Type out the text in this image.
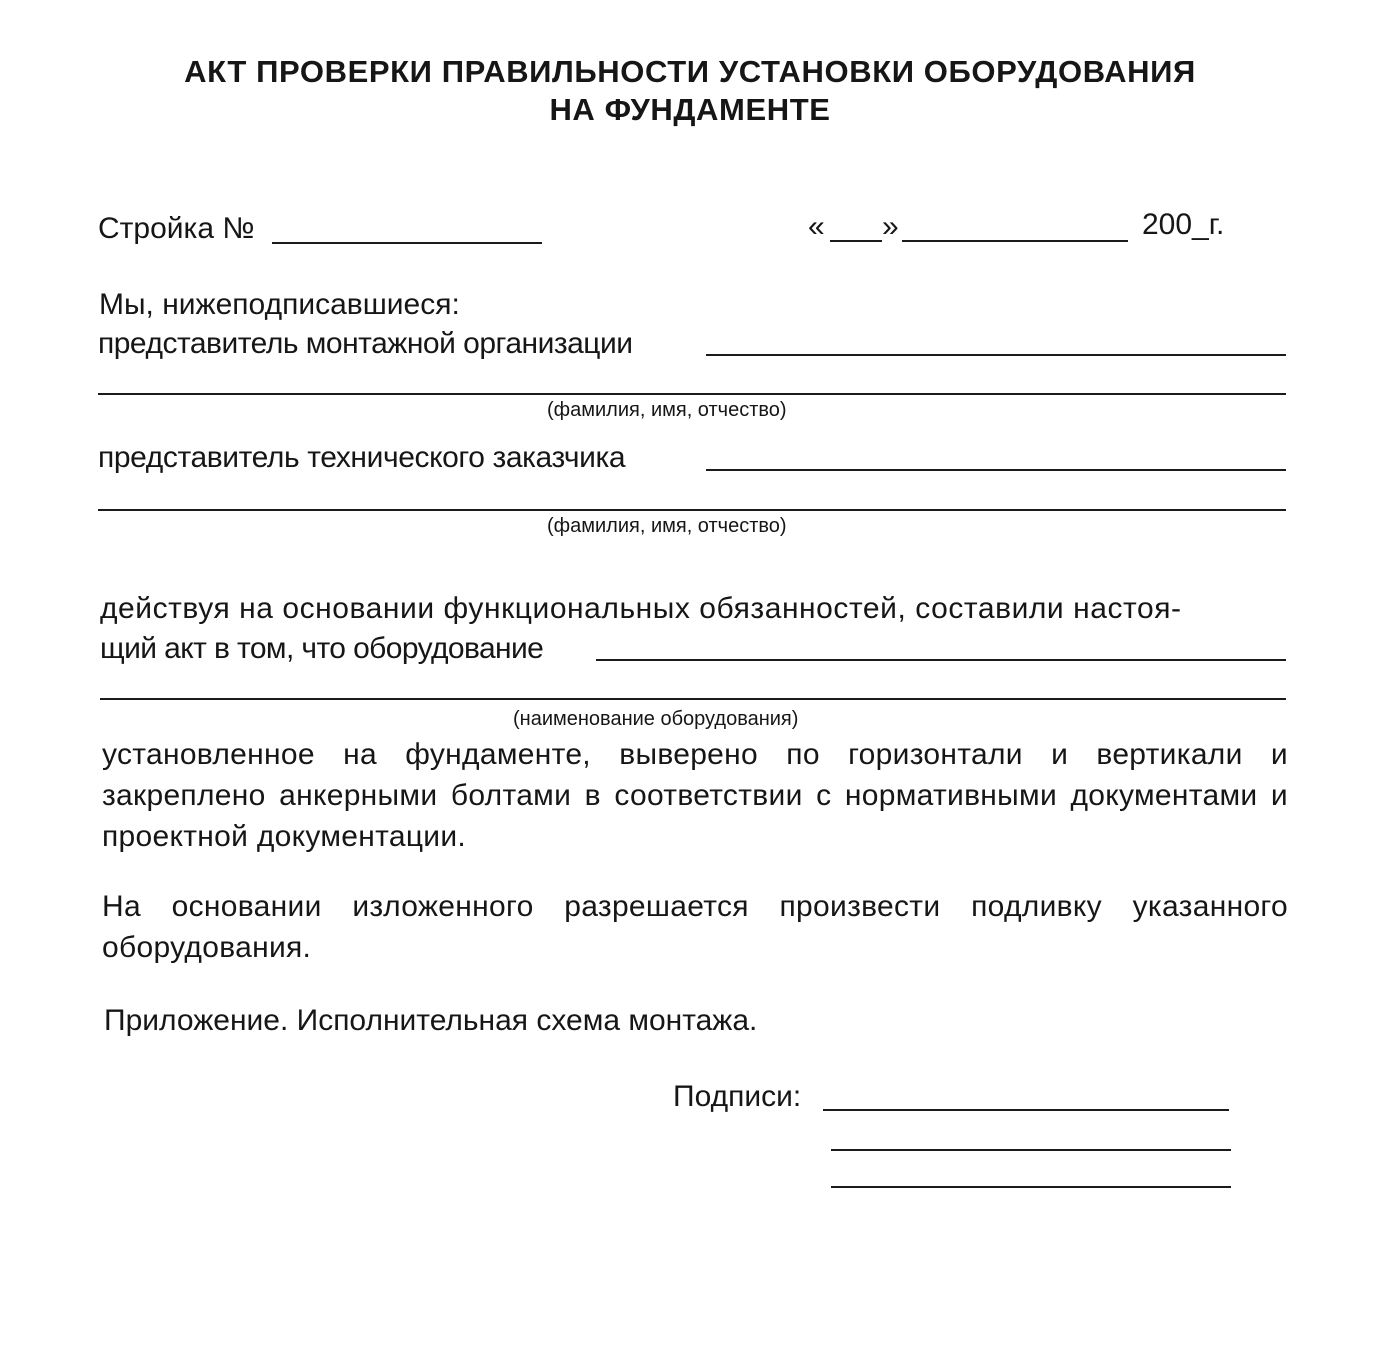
АКТ ПРОВЕРКИ ПРАВИЛЬНОСТИ УСТАНОВКИ ОБОРУДОВАНИЯ
НА ФУНДАМЕНТЕ
Стройка №	« »	200_г.
Мы, нижеподписавшиеся:
представитель монтажной организации
(фамилия, имя, отчество)
представитель технического заказчика
(фамилия, имя, отчество)
действуя на основании функциональных обязанностей, составили настоя-
щий акт в том, что оборудование
(наименование оборудования)
установленное на фундаменте, выверено по горизонтали и вертикали и закреплено анкерными болтами в соответствии с нормативными документами и проектной документации.
На основании изложенного разрешается произвести подливку указанного оборудования.
Приложение. Исполнительная схема монтажа.
Подписи:
